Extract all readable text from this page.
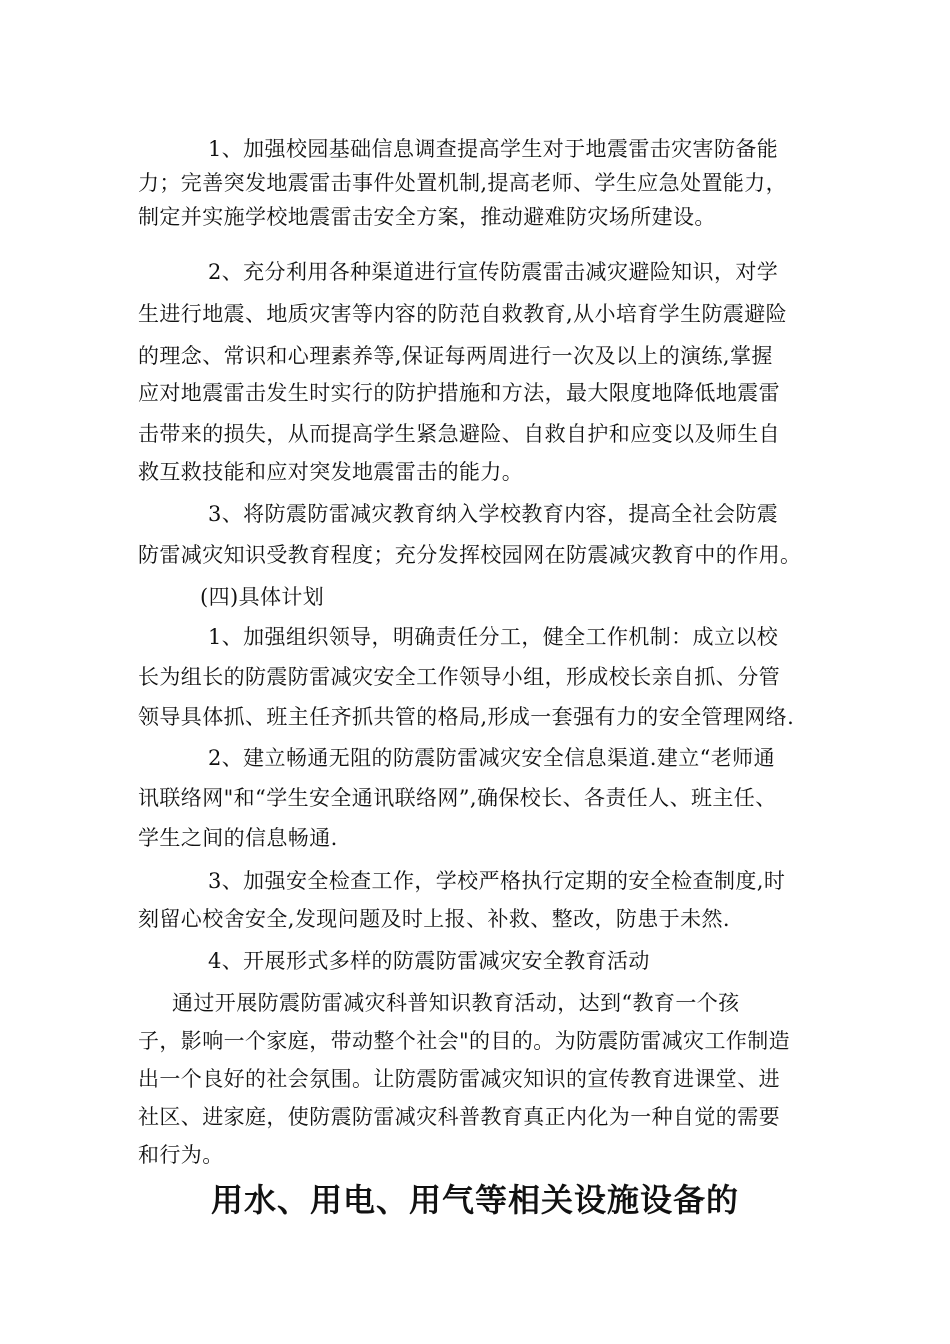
1、加强校园基础信息调查提高学生对于地震雷击灾害防备能
力；完善突发地震雷击事件处置机制,提高老师、学生应急处置能力，
制定并实施学校地震雷击安全方案，推动避难防灾场所建设。
2、充分利用各种渠道进行宣传防震雷击减灾避险知识，对学
生进行地震、地质灾害等内容的防范自救教育,从小培育学生防震避险
的理念、常识和心理素养等,保证每两周进行一次及以上的演练,掌握
应对地震雷击发生时实行的防护措施和方法，最大限度地降低地震雷
击带来的损失，从而提高学生紧急避险、自救自护和应变以及师生自
救互救技能和应对突发地震雷击的能力。
3、将防震防雷减灾教育纳入学校教育内容，提高全社会防震
防雷减灾知识受教育程度；充分发挥校园网在防震减灾教育中的作用。
(四)具体计划
1、加强组织领导，明确责任分工，健全工作机制：成立以校
长为组长的防震防雷减灾安全工作领导小组，形成校长亲自抓、分管
领导具体抓、班主任齐抓共管的格局,形成一套强有力的安全管理网络.
2、建立畅通无阻的防震防雷减灾安全信息渠道.建立“老师通
讯联络网"和“学生安全通讯联络网”,确保校长、各责任人、班主任、
学生之间的信息畅通.
3、加强安全检查工作，学校严格执行定期的安全检查制度,时
刻留心校舍安全,发现问题及时上报、补救、整改，防患于未然.
4、开展形式多样的防震防雷减灾安全教育活动
通过开展防震防雷减灾科普知识教育活动，达到“教育一个孩
子，影响一个家庭，带动整个社会"的目的。为防震防雷减灾工作制造
出一个良好的社会氛围。让防震防雷减灾知识的宣传教育进课堂、进
社区、进家庭，使防震防雷减灾科普教育真正内化为一种自觉的需要
和行为。
用水、用电、用气等相关设施设备的
